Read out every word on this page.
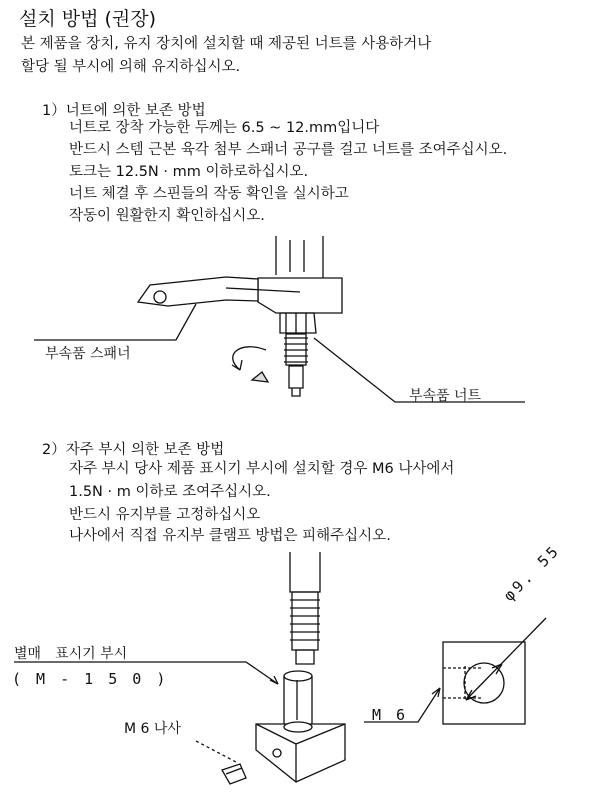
설치 방법 (권장)
본 제품을 장치, 유지 장치에 설치할 때 제공된 너트를 사용하거나
할당 될 부시에 의해 유지하십시오.
1）너트에 의한 보존 방법
너트로 장착 가능한 두께는 6.5 ~ 12.mm입니다
반드시 스템 근본 육각 첨부 스패너 공구를 걸고 너트를 조여주십시오.
토크는 12.5N · mm 이하로하십시오.
너트 체결 후 스핀들의 작동 확인을 실시하고
작동이 원활한지 확인하십시오.
2）자주 부시 의한 보존 방법
자주 부시 당사 제품 표시기 부시에 설치할 경우 M6 나사에서
1.5N · m 이하로 조여주십시오.
반드시 유지부를 고정하십시오
나사에서 직접 유지부 클램프 방법은 피해주십시오.
부속품 스패너
부속품 너트
별매　표시기 부시
( M - 1 5 0 )
M 6 나사
M 6
φ9. 55
